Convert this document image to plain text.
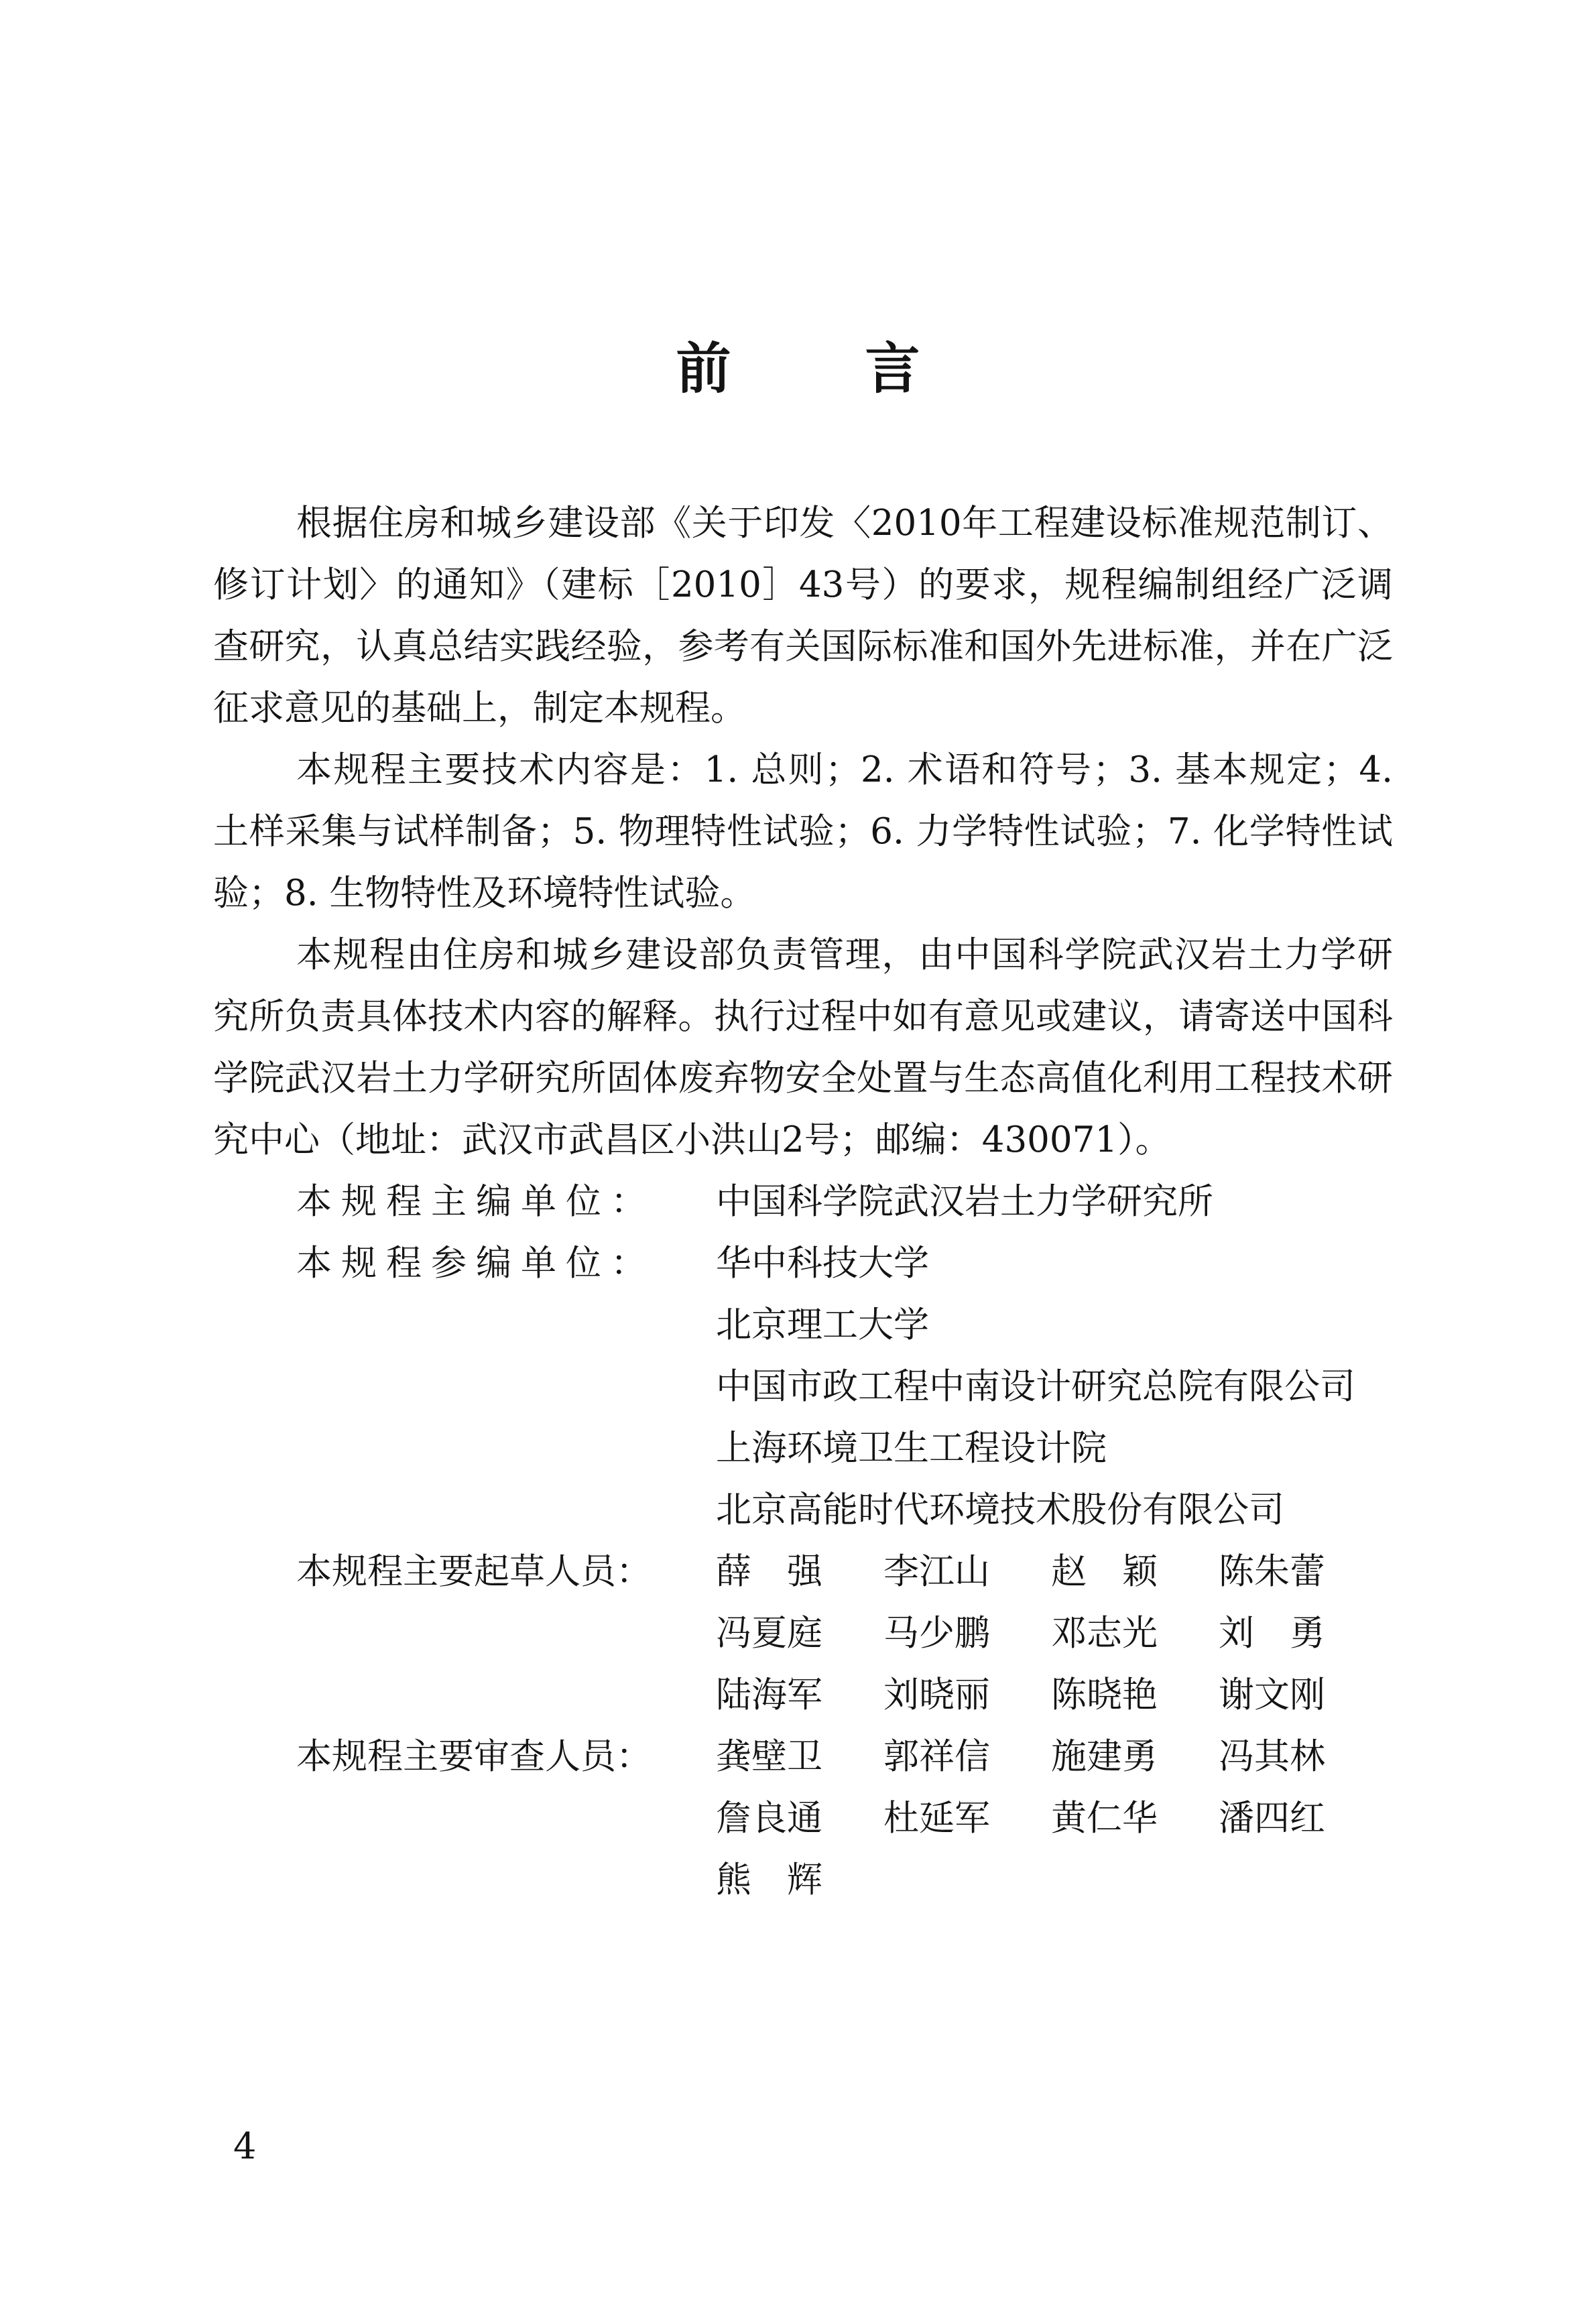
前 言

根据住房和城乡建设部《关于印发〈2010年工程建设标准规范制订、修订计划〉的通知》（建标［2010］43号）的要求，规程编制组经广泛调查研究，认真总结实践经验，参考有关国际标准和国外先进标准，并在广泛征求意见的基础上，制定本规程。

本规程主要技术内容是：1. 总则；2. 术语和符号；3. 基本规定；4. 土样采集与试样制备；5. 物理特性试验；6. 力学特性试验；7. 化学特性试验；8. 生物特性及环境特性试验。

本规程由住房和城乡建设部负责管理，由中国科学院武汉岩土力学研究所负责具体技术内容的解释。执行过程中如有意见或建议，请寄送中国科学院武汉岩土力学研究所固体废弃物安全处置与生态高值化利用工程技术研究中心（地址：武汉市武昌区小洪山2号；邮编：430071）。

本规程主编单位：	中国科学院武汉岩土力学研究所
本规程参编单位：	华中科技大学
北京理工大学
中国市政工程中南设计研究总院有限公司
上海环境卫生工程设计院
北京高能时代环境技术股份有限公司
本规程主要起草人员：	薛　强	李江山	赵　颖	陈朱蕾
冯夏庭	马少鹏	邓志光	刘　勇
陆海军	刘晓丽	陈晓艳	谢文刚
本规程主要审查人员：	龚壁卫	郭祥信	施建勇	冯其林
詹良通	杜延军	黄仁华	潘四红
熊　辉
4
